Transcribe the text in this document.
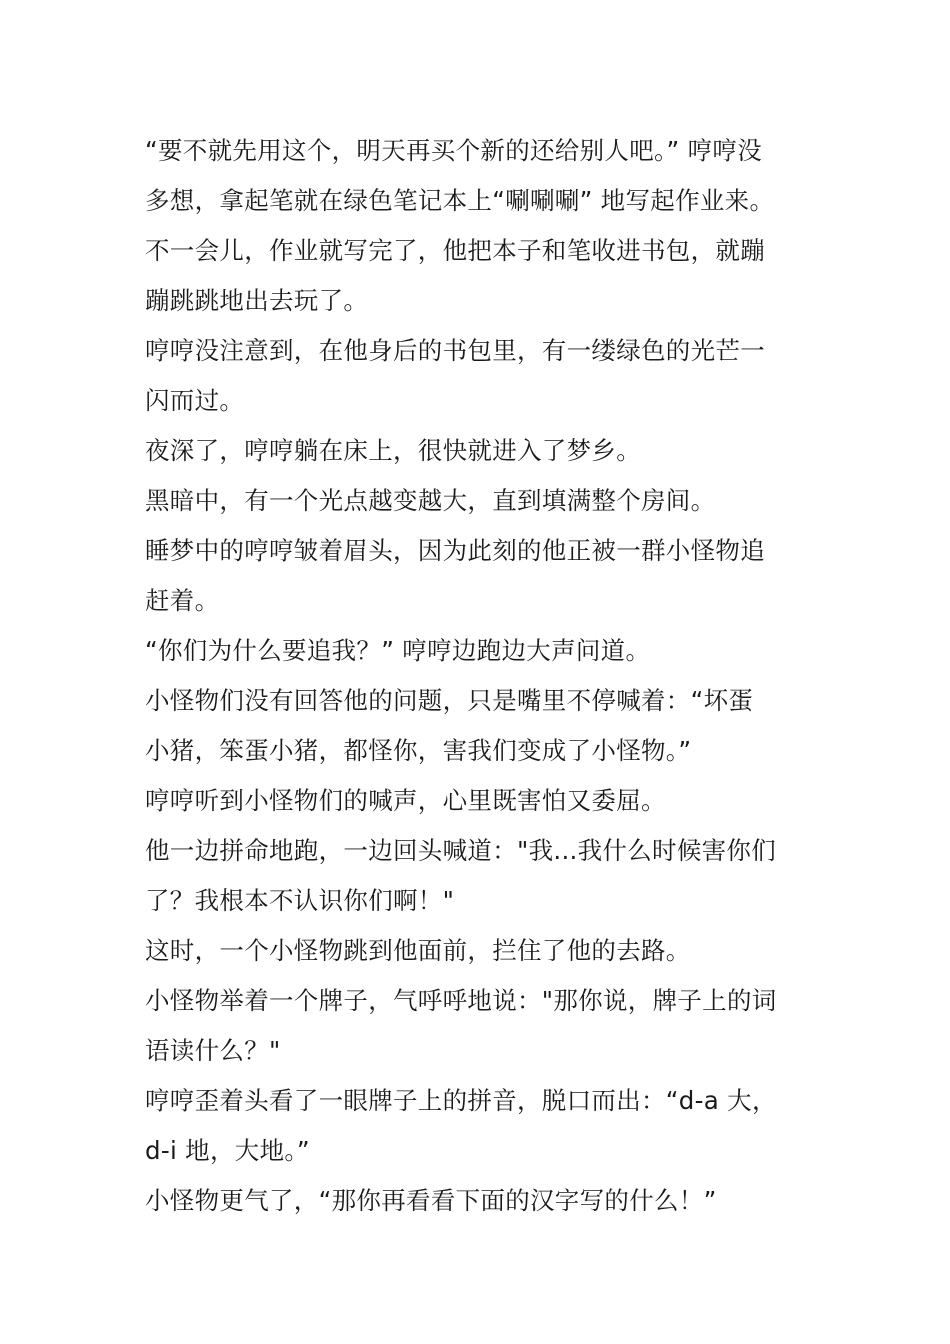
“要不就先用这个，明天再买个新的还给别人吧。” 哼哼没
多想，拿起笔就在绿色笔记本上“唰唰唰” 地写起作业来。
不一会儿，作业就写完了，他把本子和笔收进书包，就蹦
蹦跳跳地出去玩了。

哼哼没注意到，在他身后的书包里，有一缕绿色的光芒一
闪而过。

夜深了，哼哼躺在床上，很快就进入了梦乡。

黑暗中，有一个光点越变越大，直到填满整个房间。

睡梦中的哼哼皱着眉头，因为此刻的他正被一群小怪物追
赶着。

“你们为什么要追我？” 哼哼边跑边大声问道。

小怪物们没有回答他的问题，只是嘴里不停喊着：“坏蛋
小猪，笨蛋小猪，都怪你，害我们变成了小怪物。”

哼哼听到小怪物们的喊声，心里既害怕又委屈。

他一边拼命地跑，一边回头喊道："我...我什么时候害你们
了？我根本不认识你们啊！"

这时，一个小怪物跳到他面前，拦住了他的去路。

小怪物举着一个牌子，气呼呼地说："那你说，牌子上的词
语读什么？"

哼哼歪着头看了一眼牌子上的拼音，脱口而出：“d-a 大，
d-i 地，大地。”

小怪物更气了，“那你再看看下面的汉字写的什么！”
